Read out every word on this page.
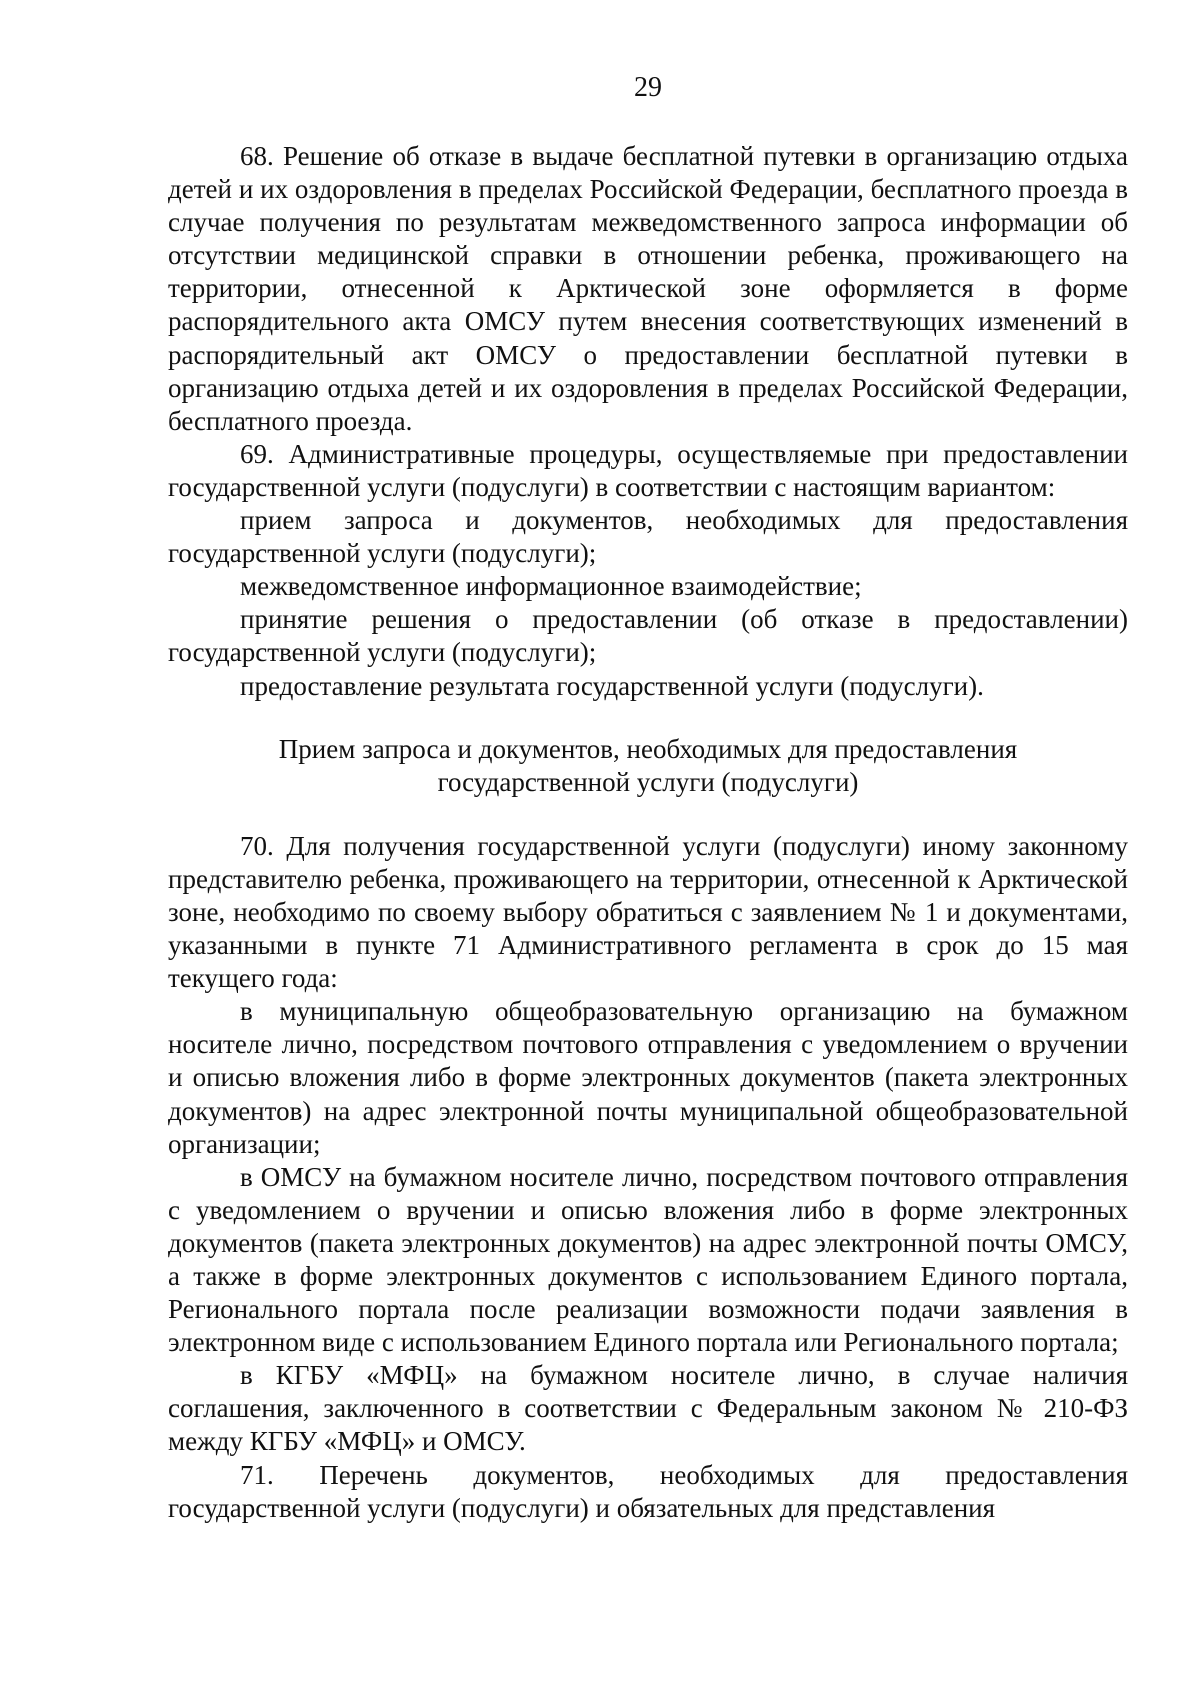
29

68. Решение об отказе в выдаче бесплатной путевки в организацию отдыха детей и их оздоровления в пределах Российской Федерации, бесплатного проезда в случае получения по результатам межведомственного запроса информации об отсутствии медицинской справки в отношении ребенка, проживающего на территории, отнесенной к Арктической зоне оформляется в форме распорядительного акта ОМСУ путем внесения соответствующих изменений в распорядительный акт ОМСУ о предоставлении бесплатной путевки в организацию отдыха детей и их оздоровления в пределах Российской Федерации, бесплатного проезда.

69. Административные процедуры, осуществляемые при предоставлении государственной услуги (подуслуги) в соответствии с настоящим вариантом:

прием запроса и документов, необходимых для предоставления государственной услуги (подуслуги);

межведомственное информационное взаимодействие;

принятие решения о предоставлении (об отказе в предоставлении) государственной услуги (подуслуги);

предоставление результата государственной услуги (подуслуги).

Прием запроса и документов, необходимых для предоставления
государственной услуги (подуслуги)

70. Для получения государственной услуги (подуслуги) иному законному представителю ребенка, проживающего на территории, отнесенной к Арктической зоне, необходимо по своему выбору обратиться с заявлением № 1 и документами, указанными в пункте 71 Административного регламента в срок до 15 мая текущего года:

в муниципальную общеобразовательную организацию на бумажном носителе лично, посредством почтового отправления с уведомлением о вручении и описью вложения либо в форме электронных документов (пакета электронных документов) на адрес электронной почты муниципальной общеобразовательной организации;

в ОМСУ на бумажном носителе лично, посредством почтового отправления с уведомлением о вручении и описью вложения либо в форме электронных документов (пакета электронных документов) на адрес электронной почты ОМСУ, а также в форме электронных документов с использованием Единого портала, Регионального портала после реализации возможности подачи заявления в электронном виде с использованием Единого портала или Регионального портала;

в КГБУ «МФЦ» на бумажном носителе лично, в случае наличия соглашения, заключенного в соответствии с Федеральным законом № 210-ФЗ между КГБУ «МФЦ» и ОМСУ.

71. Перечень документов, необходимых для предоставления государственной услуги (подуслуги) и обязательных для представления
